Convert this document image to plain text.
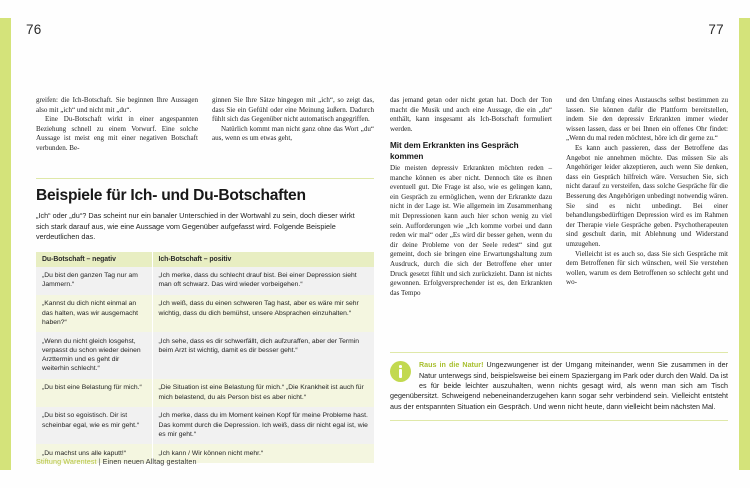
76	77

greifen: die Ich-Botschaft. Sie beginnen Ihre Aussagen also mit „ich“ und nicht mit „du“.

Eine Du-Botschaft wirkt in einer angespannten Beziehung schnell zu einem Vorwurf. Eine solche Aussage ist meist eng mit einer negativen Botschaft verbunden. Be-

ginnen Sie Ihre Sätze hingegen mit „ich“, so zeigt das, dass Sie ein Gefühl oder eine Meinung äußern. Dadurch fühlt sich das Gegenüber nicht automatisch angegriffen.

Natürlich kommt man nicht ganz ohne das Wort „du“ aus, wenn es um etwas geht,

das jemand getan oder nicht getan hat. Doch der Ton macht die Musik und auch eine Aussage, die ein „du“ enthält, kann insgesamt als Ich-Botschaft formuliert werden.

Mit dem Erkrankten ins Gespräch kommen

Die meisten depressiv Erkrankten möchten reden – manche können es aber nicht. Dennoch täte es ihnen eventuell gut. Die Frage ist also, wie es gelingen kann, ein Gespräch zu ermöglichen, wenn der Erkrankte dazu nicht in der Lage ist. Wie allgemein im Zusammenhang mit Depressionen kann auch hier schon wenig zu viel sein. Aufforderungen wie „Ich komme vorbei und dann reden wir mal“ oder „Es wird dir besser gehen, wenn du dir deine Probleme von der Seele redest“ sind gut gemeint, doch sie bringen eine Erwartungshaltung zum Ausdruck, durch die sich der Betroffene eher unter Druck gesetzt fühlt und sich zurückzieht. Dann ist nichts gewonnen. Erfolgversprechender ist es, den Erkrankten das Tempo

und den Umfang eines Austauschs selbst bestimmen zu lassen. Sie können dafür die Plattform bereitstellen, indem Sie den depressiv Erkrankten immer wieder wissen lassen, dass er bei Ihnen ein offenes Ohr findet: „Wenn du mal reden möchtest, höre ich dir gerne zu.“

Es kann auch passieren, dass der Betroffene das Angebot nie annehmen möchte. Das müssen Sie als Angehöriger leider akzeptieren, auch wenn Sie denken, dass ein Gespräch hilfreich wäre. Versuchen Sie, sich nicht darauf zu versteifen, dass solche Gespräche für die Besserung des Angehörigen unbedingt notwendig wären. Sie sind es nicht unbedingt. Bei einer behandlungsbedürftigen Depression wird es im Rahmen der Therapie viele Gespräche geben. Psychotherapeuten sind geschult darin, mit Ablehnung und Widerstand umzugehen.

Vielleicht ist es auch so, dass Sie sich Gespräche mit dem Betroffenen für sich wünschen, weil Sie verstehen wollen, warum es dem Betroffenen so schlecht geht und wo-

Beispiele für Ich- und Du-Botschaften

„Ich“ oder „du“? Das scheint nur ein banaler Unterschied in der Wortwahl zu sein, doch dieser wirkt sich stark darauf aus, wie eine Aussage vom Gegenüber aufgefasst wird. Folgende Beispiele verdeutlichen das.

Du-Botschaft – negativ	Ich-Botschaft – positiv
„Du bist den ganzen Tag nur am Jammern.“	„Ich merke, dass du schlecht drauf bist. Bei einer Depression sieht man oft schwarz. Das wird wieder vorbeigehen.“
„Kannst du dich nicht einmal an das halten, was wir ausgemacht haben?“	„Ich weiß, dass du einen schweren Tag hast, aber es wäre mir sehr wichtig, dass du dich bemühst, unsere Absprachen einzuhalten.“
„Wenn du nicht gleich losgehst, verpasst du schon wieder deinen Arzttermin und es geht dir weiterhin schlecht.“	„Ich sehe, dass es dir schwerfällt, dich aufzuraffen, aber der Termin beim Arzt ist wichtig, damit es dir besser geht.“
„Du bist eine Belastung für mich.“	„Die Situation ist eine Belastung für mich.“ „Die Krankheit ist auch für mich belastend, du als Person bist es aber nicht.“
„Du bist so egoistisch. Dir ist scheinbar egal, wie es mir geht.“	„Ich merke, dass du im Moment keinen Kopf für meine Probleme hast. Das kommt durch die Depression. Ich weiß, dass dir nicht egal ist, wie es mir geht.“
„Du machst uns alle kaputt!“	„Ich kann / Wir können nicht mehr.“
Raus in die Natur! Ungezwungener ist der Umgang miteinander, wenn Sie zusammen in der Natur unterwegs sind, beispielsweise bei einem Spaziergang im Park oder durch den Wald. Da ist es für beide leichter auszuhalten, wenn nichts gesagt wird, als wenn man sich am Tisch gegenübersitzt. Schweigend nebeneinanderzugehen kann sogar sehr verbindend sein. Vielleicht entsteht aus der entspannten Situation ein Gespräch. Und wenn nicht heute, dann vielleicht beim nächsten Mal.
Stiftung Warentest | Einen neuen Alltag gestalten
